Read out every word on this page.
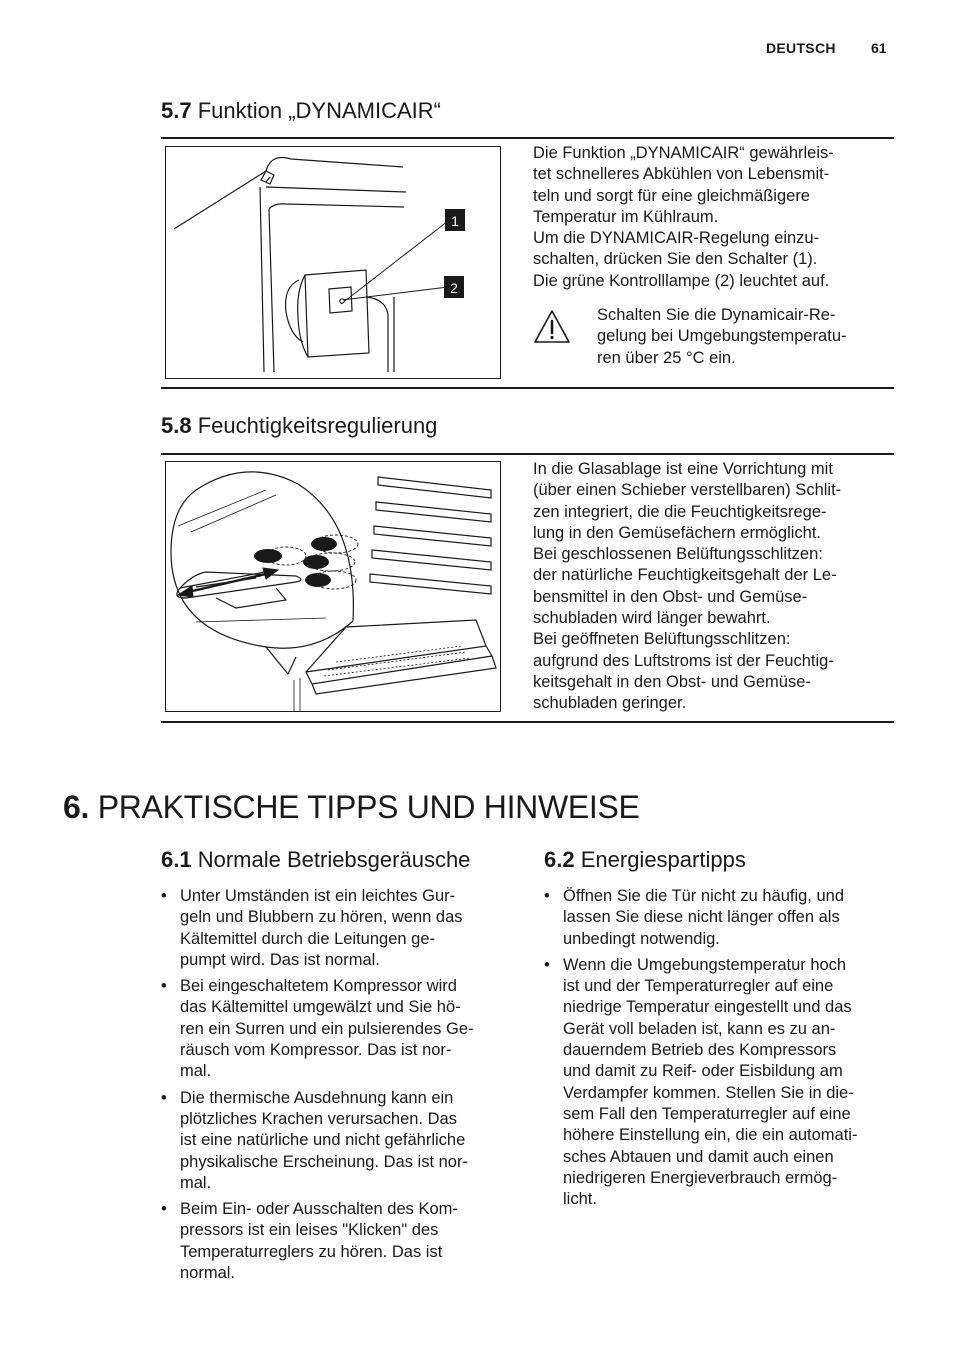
DEUTSCH	61
5.7 Funktion „DYNAMICAIR“
1
2
Die Funktion „DYNAMICAIR“ gewährleis-
tet schnelleres Abkühlen von Lebensmit-
teln und sorgt für eine gleichmäßigere
Temperatur im Kühlraum.
Um die DYNAMICAIR-Regelung einzu-
schalten, drücken Sie den Schalter (1).
Die grüne Kontrolllampe (2) leuchtet auf.
Schalten Sie die Dynamicair-Re-
gelung bei Umgebungstemperatu-
ren über 25 °C ein.
5.8 Feuchtigkeitsregulierung
In die Glasablage ist eine Vorrichtung mit
(über einen Schieber verstellbaren) Schlit-
zen integriert, die die Feuchtigkeitsrege-
lung in den Gemüsefächern ermöglicht.
Bei geschlossenen Belüftungsschlitzen:
der natürliche Feuchtigkeitsgehalt der Le-
bensmittel in den Obst- und Gemüse-
schubladen wird länger bewahrt.
Bei geöffneten Belüftungsschlitzen:
aufgrund des Luftstroms ist der Feuchtig-
keitsgehalt in den Obst- und Gemüse-
schubladen geringer.
6. PRAKTISCHE TIPPS UND HINWEISE
6.1 Normale Betriebsgeräusche
• Unter Umständen ist ein leichtes Gur-
geln und Blubbern zu hören, wenn das
Kältemittel durch die Leitungen ge-
pumpt wird. Das ist normal.
• Bei eingeschaltetem Kompressor wird
das Kältemittel umgewälzt und Sie hö-
ren ein Surren und ein pulsierendes Ge-
räusch vom Kompressor. Das ist nor-
mal.
• Die thermische Ausdehnung kann ein
plötzliches Krachen verursachen. Das
ist eine natürliche und nicht gefährliche
physikalische Erscheinung. Das ist nor-
mal.
• Beim Ein- oder Ausschalten des Kom-
pressors ist ein leises "Klicken" des
Temperaturreglers zu hören. Das ist
normal.
6.2 Energiespartipps
• Öffnen Sie die Tür nicht zu häufig, und
lassen Sie diese nicht länger offen als
unbedingt notwendig.
• Wenn die Umgebungstemperatur hoch
ist und der Temperaturregler auf eine
niedrige Temperatur eingestellt und das
Gerät voll beladen ist, kann es zu an-
dauerndem Betrieb des Kompressors
und damit zu Reif- oder Eisbildung am
Verdampfer kommen. Stellen Sie in die-
sem Fall den Temperaturregler auf eine
höhere Einstellung ein, die ein automati-
sches Abtauen und damit auch einen
niedrigeren Energieverbrauch ermög-
licht.
